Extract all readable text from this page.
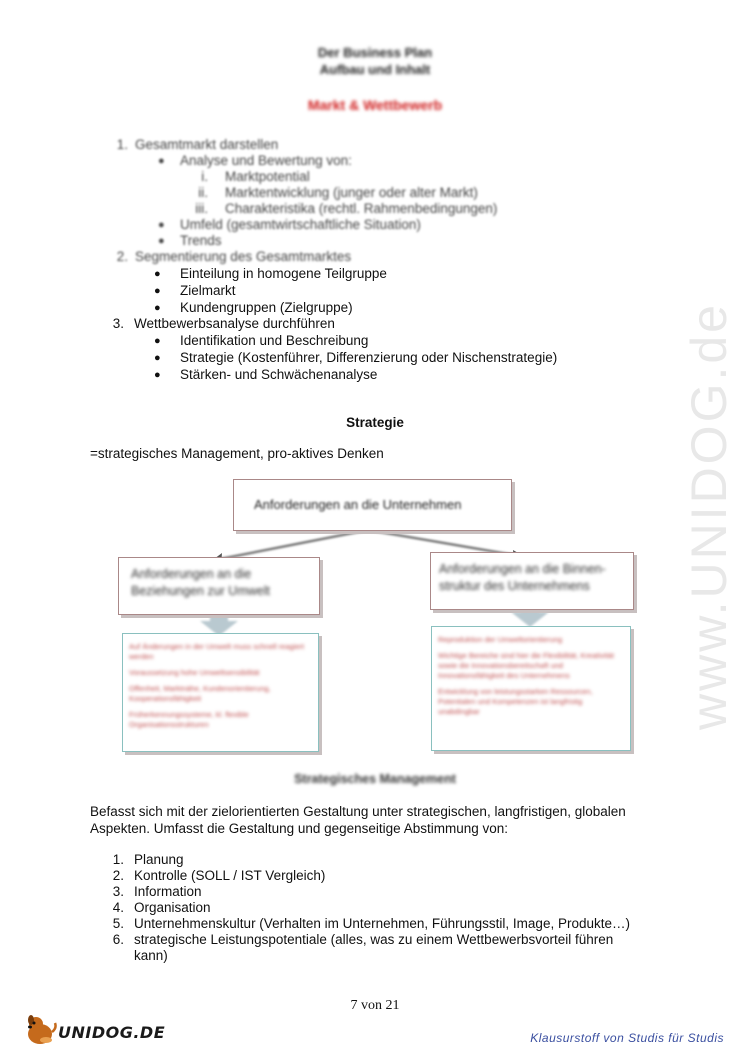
Der Business Plan
Aufbau und Inhalt
Markt & Wettbewerb
1. Gesamtmarkt darstellen
● Analyse und Bewertung von:
i. Marktpotential
ii. Marktentwicklung (junger oder alter Markt)
iii. Charakteristika (rechtl. Rahmenbedingungen)
● Umfeld (gesamtwirtschaftliche Situation)
● Trends
2. Segmentierung des Gesamtmarktes
● Einteilung in homogene Teilgruppe
● Zielmarkt
● Kundengruppen (Zielgruppe)
3. Wettbewerbsanalyse durchführen
● Identifikation und Beschreibung
● Strategie (Kostenführer, Differenzierung oder Nischenstrategie)
● Stärken- und Schwächenanalyse
Strategie
=strategisches Management, pro-aktives Denken
Anforderungen an die Unternehmen
Anforderungen an die
Beziehungen zur Umwelt
Anforderungen an die Binnen-
struktur des Unternehmens
Auf Änderungen in der Umwelt muss schnell reagiert werden
Voraussetzung hohe Umweltsensibilität
Offenheit, Marktnähe, Kundenorientierung, Kooperationsfähigkeit
Früherkennungssysteme, kl. flexible Organisationsstrukturen
Reproduktion der Umweltorientierung
Wichtige Bereiche sind hier die Flexibilität, Kreativität sowie die Innovationsbereitschaft und Innovationsfähigkeit des Unternehmens
Entwicklung von leistungsstarken Ressourcen, Potentialen und Kompetenzen ist langfristig unabdingbar
Strategisches Management
Befasst sich mit der zielorientierten Gestaltung unter strategischen, langfristigen, globalen
Aspekten. Umfasst die Gestaltung und gegenseitige Abstimmung von:
1. Planung
2. Kontrolle (SOLL / IST Vergleich)
3. Information
4. Organisation
5. Unternehmenskultur (Verhalten im Unternehmen, Führungsstil, Image, Produkte…)
6. strategische Leistungspotentiale (alles, was zu einem Wettbewerbsvorteil führen
kann)
www.UNIDOG.de
7 von 21
UNIDOG.DE	Klausurstoff von Studis für Studis
